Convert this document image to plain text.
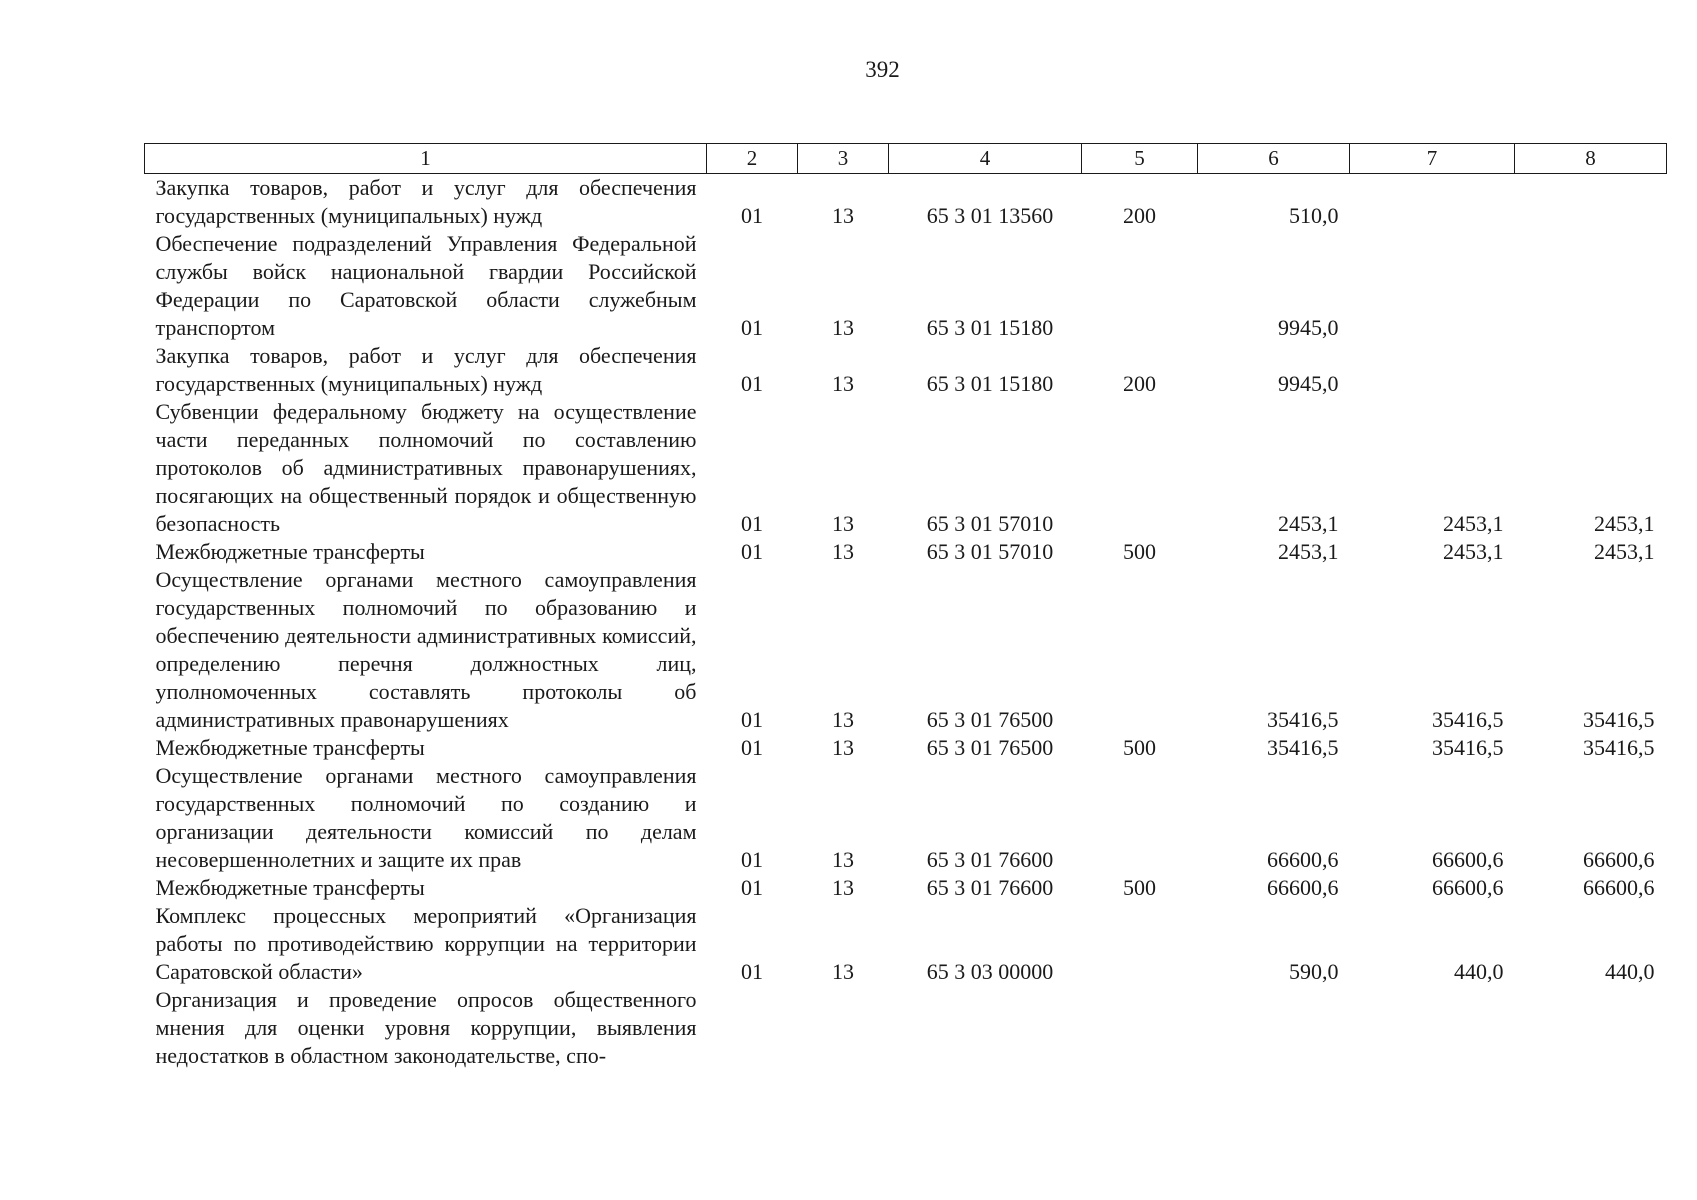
392
1	2	3	4	5	6	7	8
Закупка товаров, работ и услуг для обеспечения государственных (муниципальных) нужд	01	13	65 3 01 13560	200	510,0		
Обеспечение подразделений Управления Федеральной службы войск национальной гвардии Российской Федерации по Саратовской области служебным транспортом	01	13	65 3 01 15180		9945,0		
Закупка товаров, работ и услуг для обеспечения государственных (муниципальных) нужд	01	13	65 3 01 15180	200	9945,0		
Субвенции федеральному бюджету на осуществление части переданных полномочий по составлению протоколов об административных правонарушениях, посягающих на общественный порядок и общественную безопасность	01	13	65 3 01 57010		2453,1	2453,1	2453,1
Межбюджетные трансферты	01	13	65 3 01 57010	500	2453,1	2453,1	2453,1
Осуществление органами местного самоуправления государственных полномочий по образованию и обеспечению деятельности административных комиссий, определению перечня должностных лиц, уполномоченных составлять протоколы об административных правонарушениях	01	13	65 3 01 76500		35416,5	35416,5	35416,5
Межбюджетные трансферты	01	13	65 3 01 76500	500	35416,5	35416,5	35416,5
Осуществление органами местного самоуправления государственных полномочий по созданию и организации деятельности комиссий по делам несовершеннолетних и защите их прав	01	13	65 3 01 76600		66600,6	66600,6	66600,6
Межбюджетные трансферты	01	13	65 3 01 76600	500	66600,6	66600,6	66600,6
Комплекс процессных мероприятий «Организация работы по противодействию коррупции на территории Саратовской области»	01	13	65 3 03 00000		590,0	440,0	440,0
Организация и проведение опросов общественного мнения для оценки уровня коррупции, выявления недостатков в областном законодательстве, спо-							
